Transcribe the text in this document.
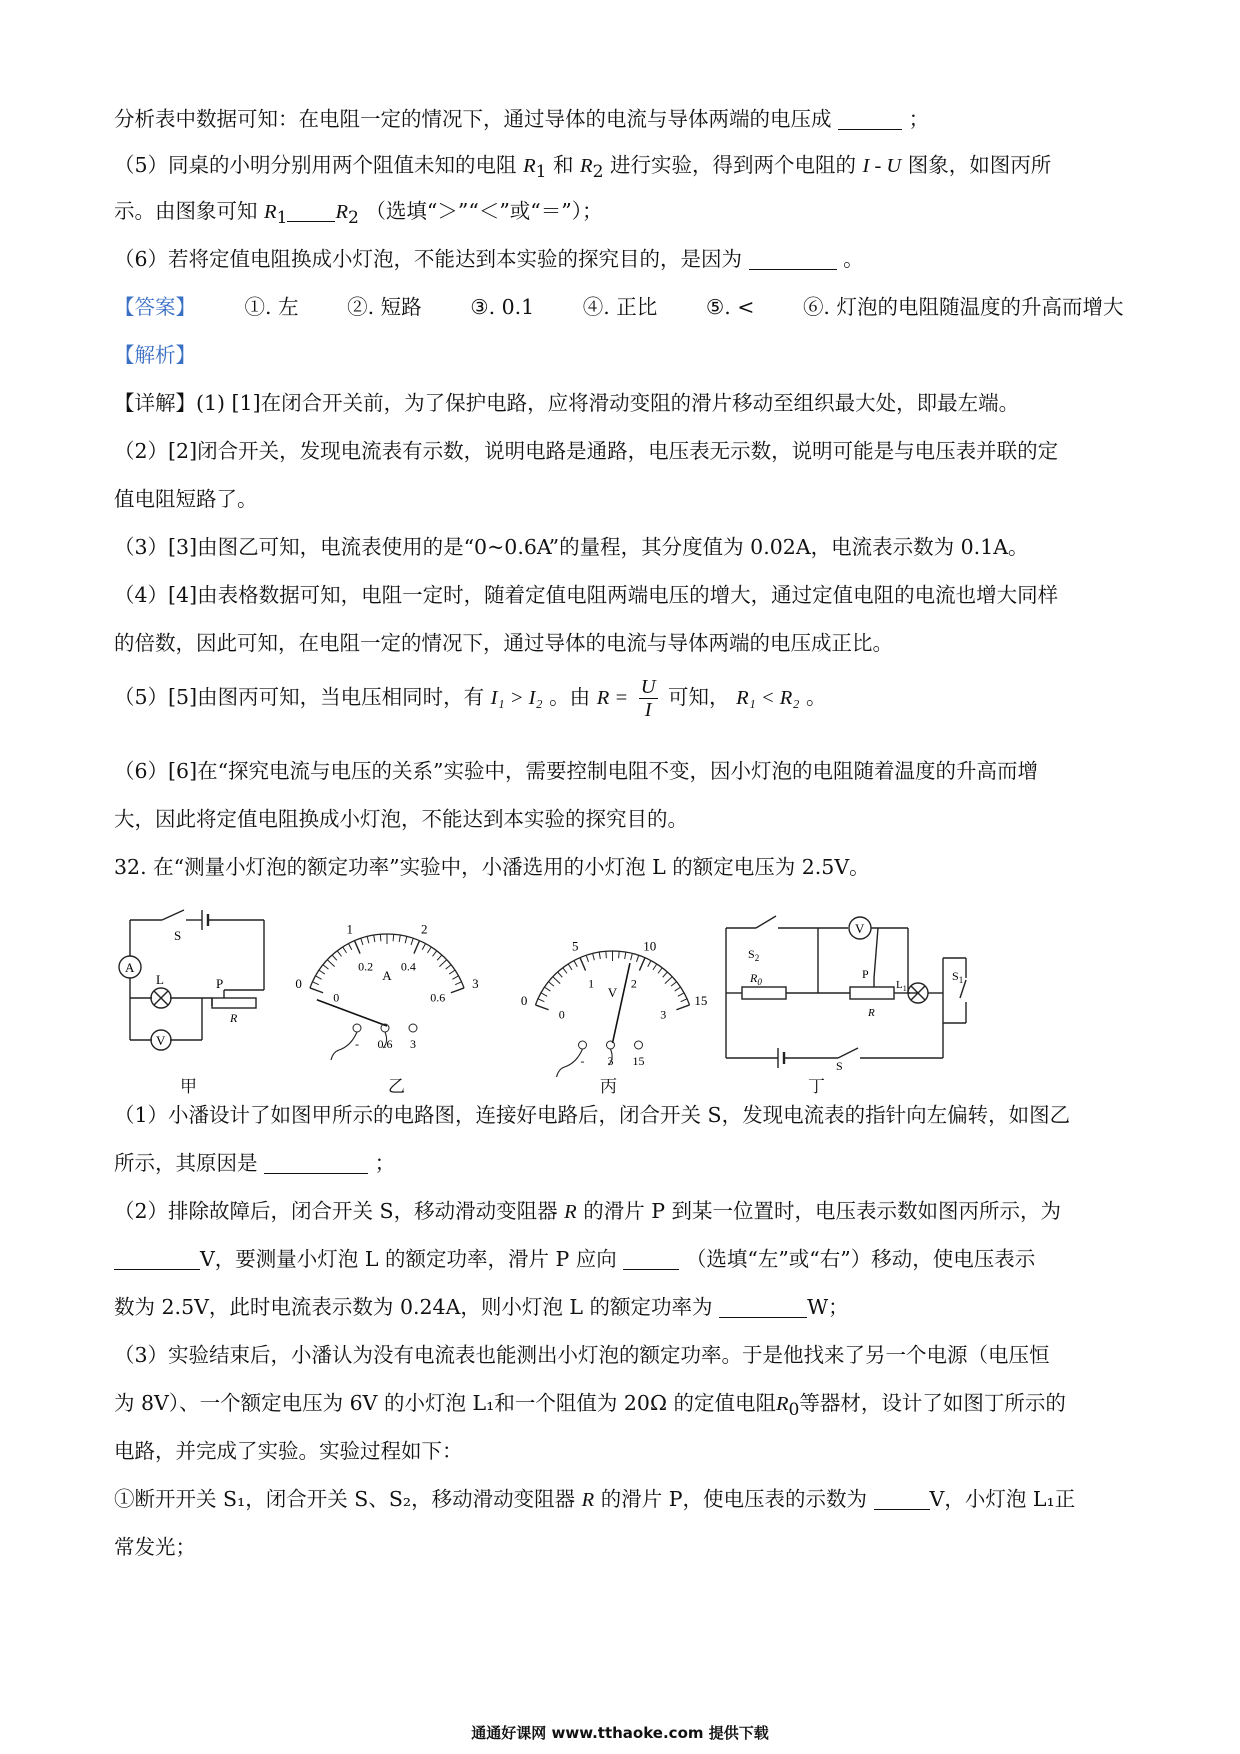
分析表中数据可知：在电阻一定的情况下，通过导体的电流与导体两端的电压成	；
（5）同桌的小明分别用两个阻值未知的电阻 $R_1$ 和 $R_2$ 进行实验，得到两个电阻的 I - U 图象，如图丙所
示。由图象可知 $R_1$ $R_2$ （选填“＞”“＜”或“＝”）；
（6）若将定值电阻换成小灯泡，不能达到本实验的探究目的，是因为	。
【答案】 ①. 左 ②. 短路 ③. 0.1 ④. 正比 ⑤. < ⑥. 灯泡的电阻随温度的升高而增大
【解析】
【详解】(1) [1]在闭合开关前，为了保护电路，应将滑动变阻的滑片移动至组织最大处，即最左端。
（2）[2]闭合开关，发现电流表有示数，说明电路是通路，电压表无示数，说明可能是与电压表并联的定
值电阻短路了。
（3）[3]由图乙可知，电流表使用的是“0~0.6A”的量程，其分度值为 0.02A，电流表示数为 0.1A。
（4）[4]由表格数据可知，电阻一定时，随着定值电阻两端电压的增大，通过定值电阻的电流也增大同样
的倍数，因此可知，在电阻一定的情况下，通过导体的电流与导体两端的电压成正比。
（5）[5]由图丙可知，当电压相同时，有 I₁ > I₂ 。由 $R = \frac{U}{I}$ 可知， R₁ < R₂ 。
（6）[6]在“探究电流与电压的关系”实验中，需要控制电阻不变，因小灯泡的电阻随着温度的升高而增
大，因此将定值电阻换成小灯泡，不能达到本实验的探究目的。
32. 在“测量小灯泡的额定功率”实验中，小潘选用的小灯泡 L 的额定电压为 2.5V。
S
A
L
V
P
R
甲
0
1	2
3
0
0.2 0.4
0.6
A
- 0.6 3
乙
0
5	10
15
0
1	2
3
V
- 3 15
丙
$S_2$
V
$R_0$
P
R
$L_1$
$S_1$
S
丁
（1）小潘设计了如图甲所示的电路图，连接好电路后，闭合开关 S，发现电流表的指针向左偏转，如图乙
所示，其原因是	；
（2）排除故障后，闭合开关 S，移动滑动变阻器 R 的滑片 P 到某一位置时，电压表示数如图丙所示，为
V，要测量小灯泡 L 的额定功率，滑片 P 应向	（选填“左”或“右”）移动，使电压表示
数为 2.5V，此时电流表示数为 0.24A，则小灯泡 L 的额定功率为	W；
（3）实验结束后，小潘认为没有电流表也能测出小灯泡的额定功率。于是他找来了另一个电源（电压恒
为 8V）、一个额定电压为 6V 的小灯泡 L₁和一个阻值为 20Ω 的定值电阻$R_0$等器材，设计了如图丁所示的
电路，并完成了实验。实验过程如下：
①断开开关 S₁，闭合开关 S、S₂，移动滑动变阻器 R 的滑片 P，使电压表的示数为	V，小灯泡 L₁正
常发光；
通通好课网 www.tthaoke.com 提供下载
